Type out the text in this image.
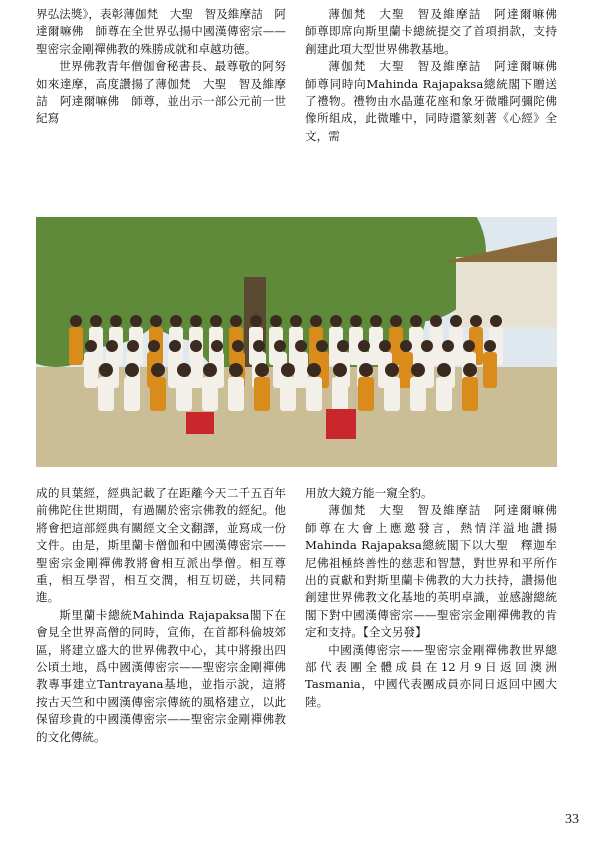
界弘法獎》，表彰薄伽梵　大聖　智及維摩詰　阿達爾嘛佛　師尊在全世界弘揚中國漢傳密宗——聖密宗金剛禪佛教的殊勝成就和卓越功德。

世界佛教青年僧伽會秘書長、最尊敬的阿努如來達摩，高度讚揚了薄伽梵　大聖　智及維摩詰　阿達爾嘛佛　師尊，並出示一部公元前一世紀寫

薄伽梵　大聖　智及維摩詰　阿達爾嘛佛　師尊即席向斯里蘭卡總統提交了首項捐款，支持創建此項大型世界佛教基地。

薄伽梵　大聖　智及維摩詰　阿達爾嘛佛　師尊同時向Mahinda Rajapaksa總統閣下贈送了禮物。禮物由水晶蓮花座和象牙微雕阿彌陀佛像所組成，此微雕中，同時還篆刻著《心經》全文，需

成的貝葉經，經典記載了在距離今天二千五百年前佛陀住世期間，有過關於密宗佛教的經紀。他將會把這部經典有關經文全文翻譯，並寫成一份文件。由是，斯里蘭卡僧伽和中國漢傳密宗——聖密宗金剛禪佛教將會相互派出學僧。相互尊重，相互學習，相互交潤，相互切磋，共同精進。

斯里蘭卡總統Mahinda Rajapaksa閣下在會見全世界高僧的同時，宣佈，在首都科倫坡郊區，將建立盛大的世界佛教中心，其中將撥出四公頃土地，爲中國漢傳密宗——聖密宗金剛禪佛教專事建立Tantrayana基地，並指示說，這將按古天竺和中國漢傳密宗傳統的風格建立，以此保留珍貴的中國漢傳密宗——聖密宗金剛禪佛教的文化傳統。

用放大鏡方能一窺全豹。

薄伽梵　大聖　智及維摩詰　阿達爾嘛佛　師尊在大會上應邀發言，熱情洋溢地讚揚Mahinda Rajapaksa總統閣下以大聖　釋迦牟尼佛祖極終善性的慈悲和智慧，對世界和平所作出的貢獻和對斯里蘭卡佛教的大力扶持，讚揚他創建世界佛教文化基地的英明卓識，並感謝總統閣下對中國漢傳密宗——聖密宗金剛禪佛教的肯定和支持。【全文另發】

中國漢傳密宗——聖密宗金剛禪佛教世界總部代表團全體成員在12月9日返回澳洲Tasmania，中國代表團成員亦同日返回中國大陸。

33
